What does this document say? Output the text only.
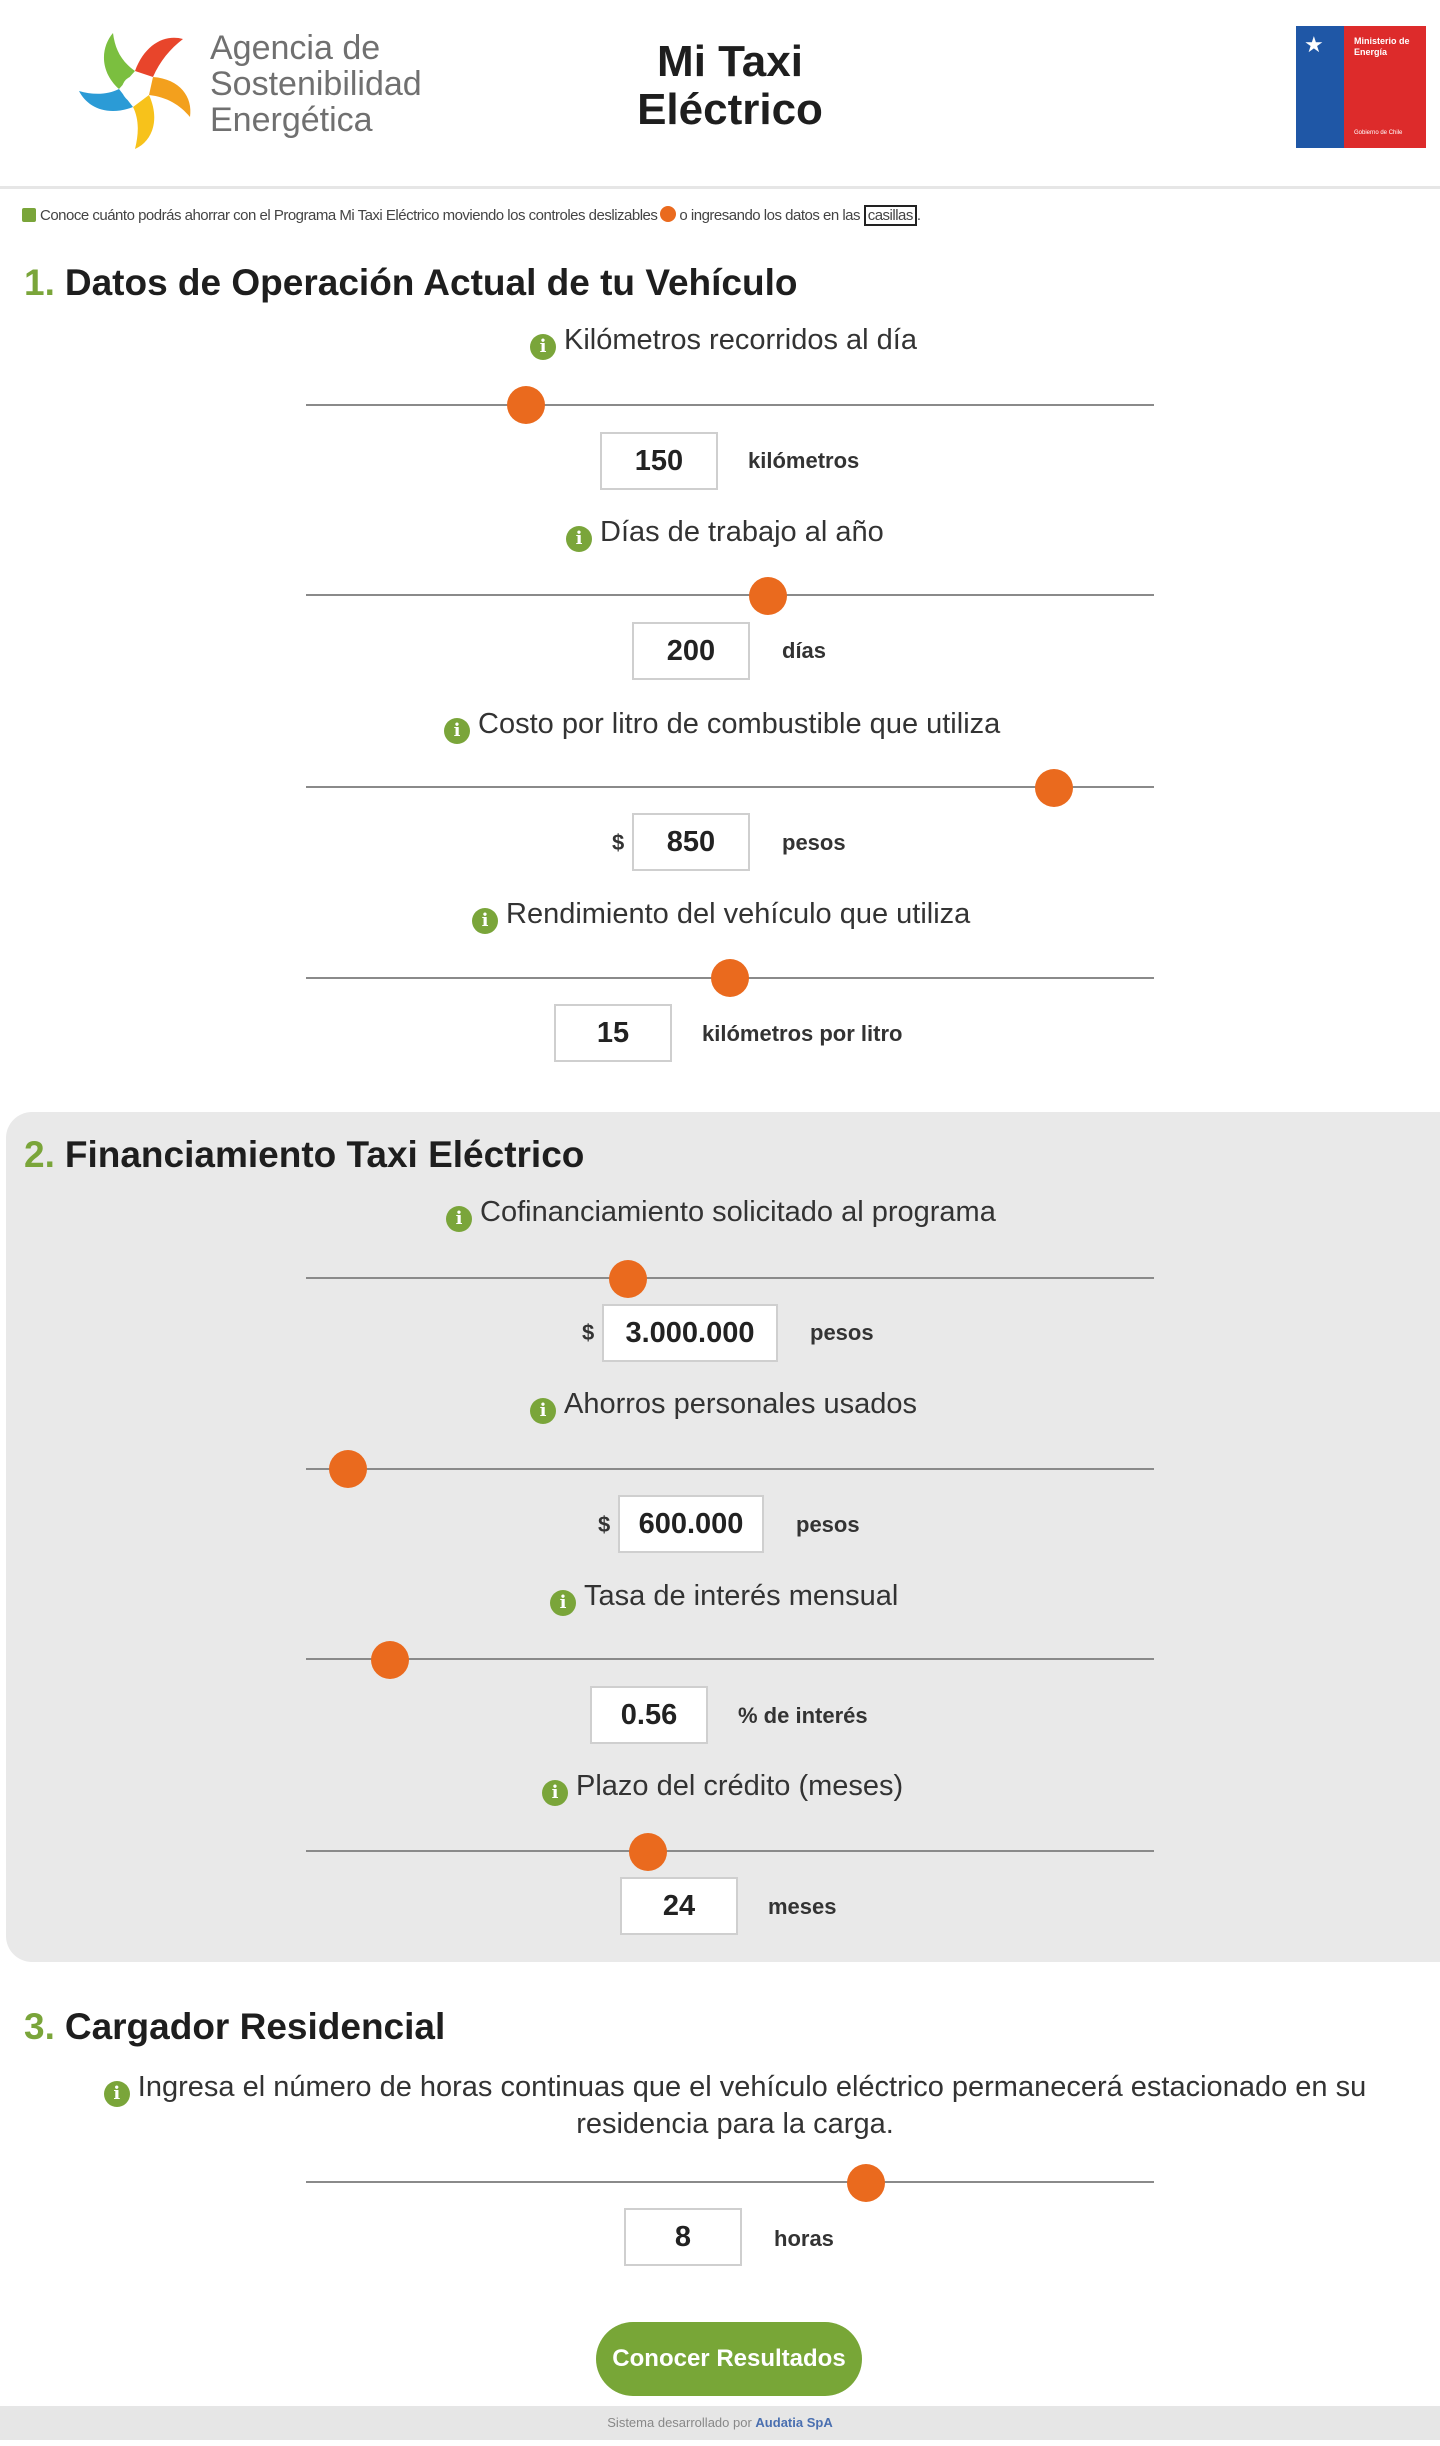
Agencia de
Sostenibilidad
Energética
Mi Taxi
Eléctrico
★	Ministerio de
Energía
Gobierno de Chile
Conoce cuánto podrás ahorrar con el Programa Mi Taxi Eléctrico moviendo los controles deslizables o ingresando los datos en las casillas .
1. Datos de Operación Actual de tu Vehículo
i Kilómetros recorridos al día
150	kilómetros
i Días de trabajo al año
200	días
i Costo por litro de combustible que utiliza
$	850	pesos
i Rendimiento del vehículo que utiliza
15	kilómetros por litro
2. Financiamiento Taxi Eléctrico
i Cofinanciamiento solicitado al programa
$	3.000.000	pesos
i Ahorros personales usados
$ 600.000	pesos
i Tasa de interés mensual
0.56	% de interés
i Plazo del crédito (meses)
24	meses
3. Cargador Residencial
i Ingresa el número de horas continuas que el vehículo eléctrico permanecerá estacionado en su residencia para la carga.
8	horas
Conocer Resultados
Sistema desarrollado por Audatia SpA
